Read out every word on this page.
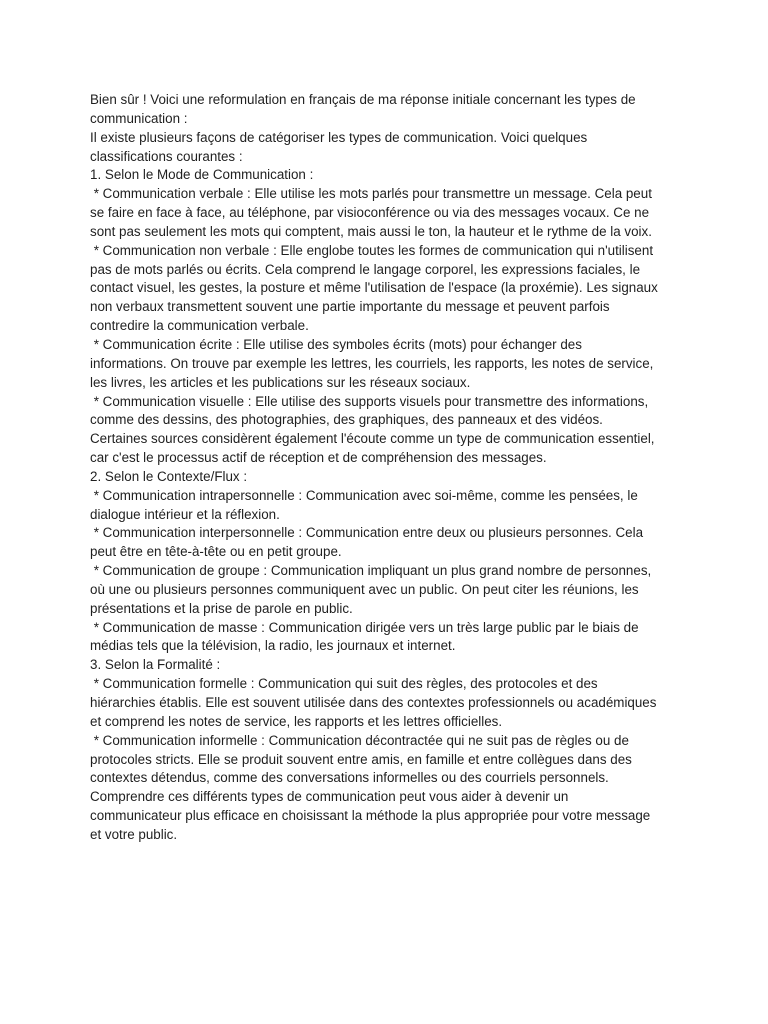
Bien sûr ! Voici une reformulation en français de ma réponse initiale concernant les types de
communication :
Il existe plusieurs façons de catégoriser les types de communication. Voici quelques
classifications courantes :
1. Selon le Mode de Communication :
* Communication verbale : Elle utilise les mots parlés pour transmettre un message. Cela peut
se faire en face à face, au téléphone, par visioconférence ou via des messages vocaux. Ce ne
sont pas seulement les mots qui comptent, mais aussi le ton, la hauteur et le rythme de la voix.
* Communication non verbale : Elle englobe toutes les formes de communication qui n'utilisent
pas de mots parlés ou écrits. Cela comprend le langage corporel, les expressions faciales, le
contact visuel, les gestes, la posture et même l'utilisation de l'espace (la proxémie). Les signaux
non verbaux transmettent souvent une partie importante du message et peuvent parfois
contredire la communication verbale.
* Communication écrite : Elle utilise des symboles écrits (mots) pour échanger des
informations. On trouve par exemple les lettres, les courriels, les rapports, les notes de service,
les livres, les articles et les publications sur les réseaux sociaux.
* Communication visuelle : Elle utilise des supports visuels pour transmettre des informations,
comme des dessins, des photographies, des graphiques, des panneaux et des vidéos.
Certaines sources considèrent également l'écoute comme un type de communication essentiel,
car c'est le processus actif de réception et de compréhension des messages.
2. Selon le Contexte/Flux :
* Communication intrapersonnelle : Communication avec soi-même, comme les pensées, le
dialogue intérieur et la réflexion.
* Communication interpersonnelle : Communication entre deux ou plusieurs personnes. Cela
peut être en tête-à-tête ou en petit groupe.
* Communication de groupe : Communication impliquant un plus grand nombre de personnes,
où une ou plusieurs personnes communiquent avec un public. On peut citer les réunions, les
présentations et la prise de parole en public.
* Communication de masse : Communication dirigée vers un très large public par le biais de
médias tels que la télévision, la radio, les journaux et internet.
3. Selon la Formalité :
* Communication formelle : Communication qui suit des règles, des protocoles et des
hiérarchies établis. Elle est souvent utilisée dans des contextes professionnels ou académiques
et comprend les notes de service, les rapports et les lettres officielles.
* Communication informelle : Communication décontractée qui ne suit pas de règles ou de
protocoles stricts. Elle se produit souvent entre amis, en famille et entre collègues dans des
contextes détendus, comme des conversations informelles ou des courriels personnels.
Comprendre ces différents types de communication peut vous aider à devenir un
communicateur plus efficace en choisissant la méthode la plus appropriée pour votre message
et votre public.
